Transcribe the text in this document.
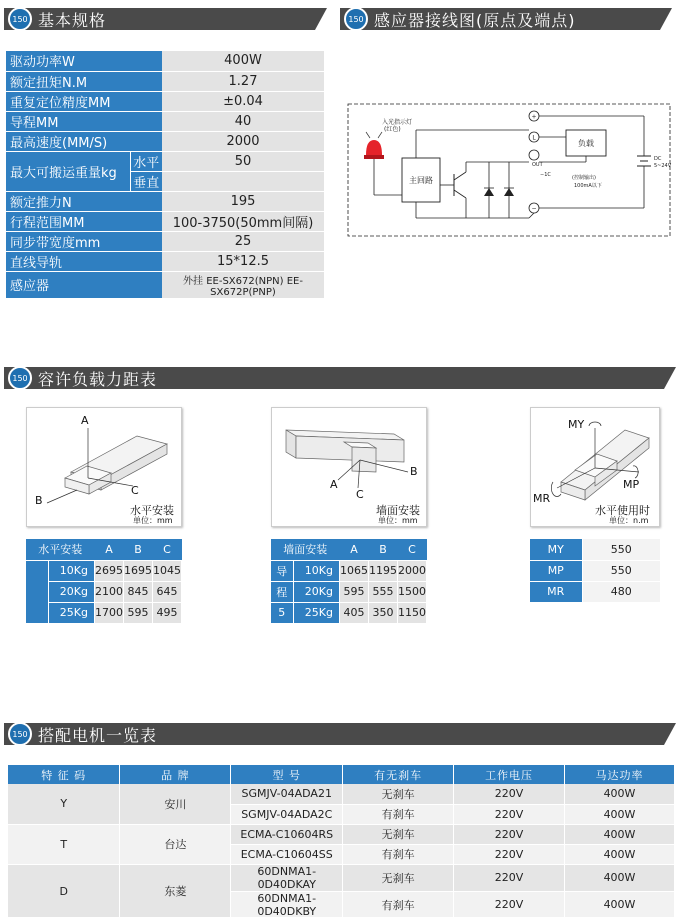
150 基本规格	150 感应器接线图(原点及端点)
驱动功率W		400W
额定扭矩N.M		1.27
重复定位精度MM		±0.04
导程MM		40
最高速度(MM/S)		2000
最大可搬运重量kg	水平	50
	垂直	
额定推力N		195
行程范围MM		100-3750(50mm间隔)
同步带宽度mm		25
直线导轨		15*12.5
感应器		外挂 EE-SX672(NPN) EE-SX672P(PNP)
入光指示灯
(红色)
主回路
+
L
OUT
−1C
−
负载
(控制输出)
100mA以下
DC
5~24V
150 容许负载力距表
A
B
C
水平安装
单位：mm
A
B
C
墙面安装
单位：mm
MY
MP
MR
水平使用时
单位：n.m
水平安装		A	B	C
	10Kg	2695	1695	1045
	20Kg	2100	845	645
	25Kg	1700	595	495
墙面安装		A	B	C
导	10Kg	1065	1195	2000
程	20Kg	595	555	1500
5	25Kg	405	350	1150
MY	550
MP	550
MR	480
150 搭配电机一览表
特 征 码	品 牌	型 号	有无刹车	工作电压	马达功率
Y	安川	SGMJV-04ADA21	无刹车	220V	400W
		SGMJV-04ADA2C	有刹车	220V	400W
T	台达	ECMA-C10604RS	无刹车	220V	400W
		ECMA-C10604SS	有刹车	220V	400W
D	东菱	60DNMA1-0D40DKAY	无刹车	220V	400W
		60DNMA1-0D40DKBY	有刹车	220V	400W
